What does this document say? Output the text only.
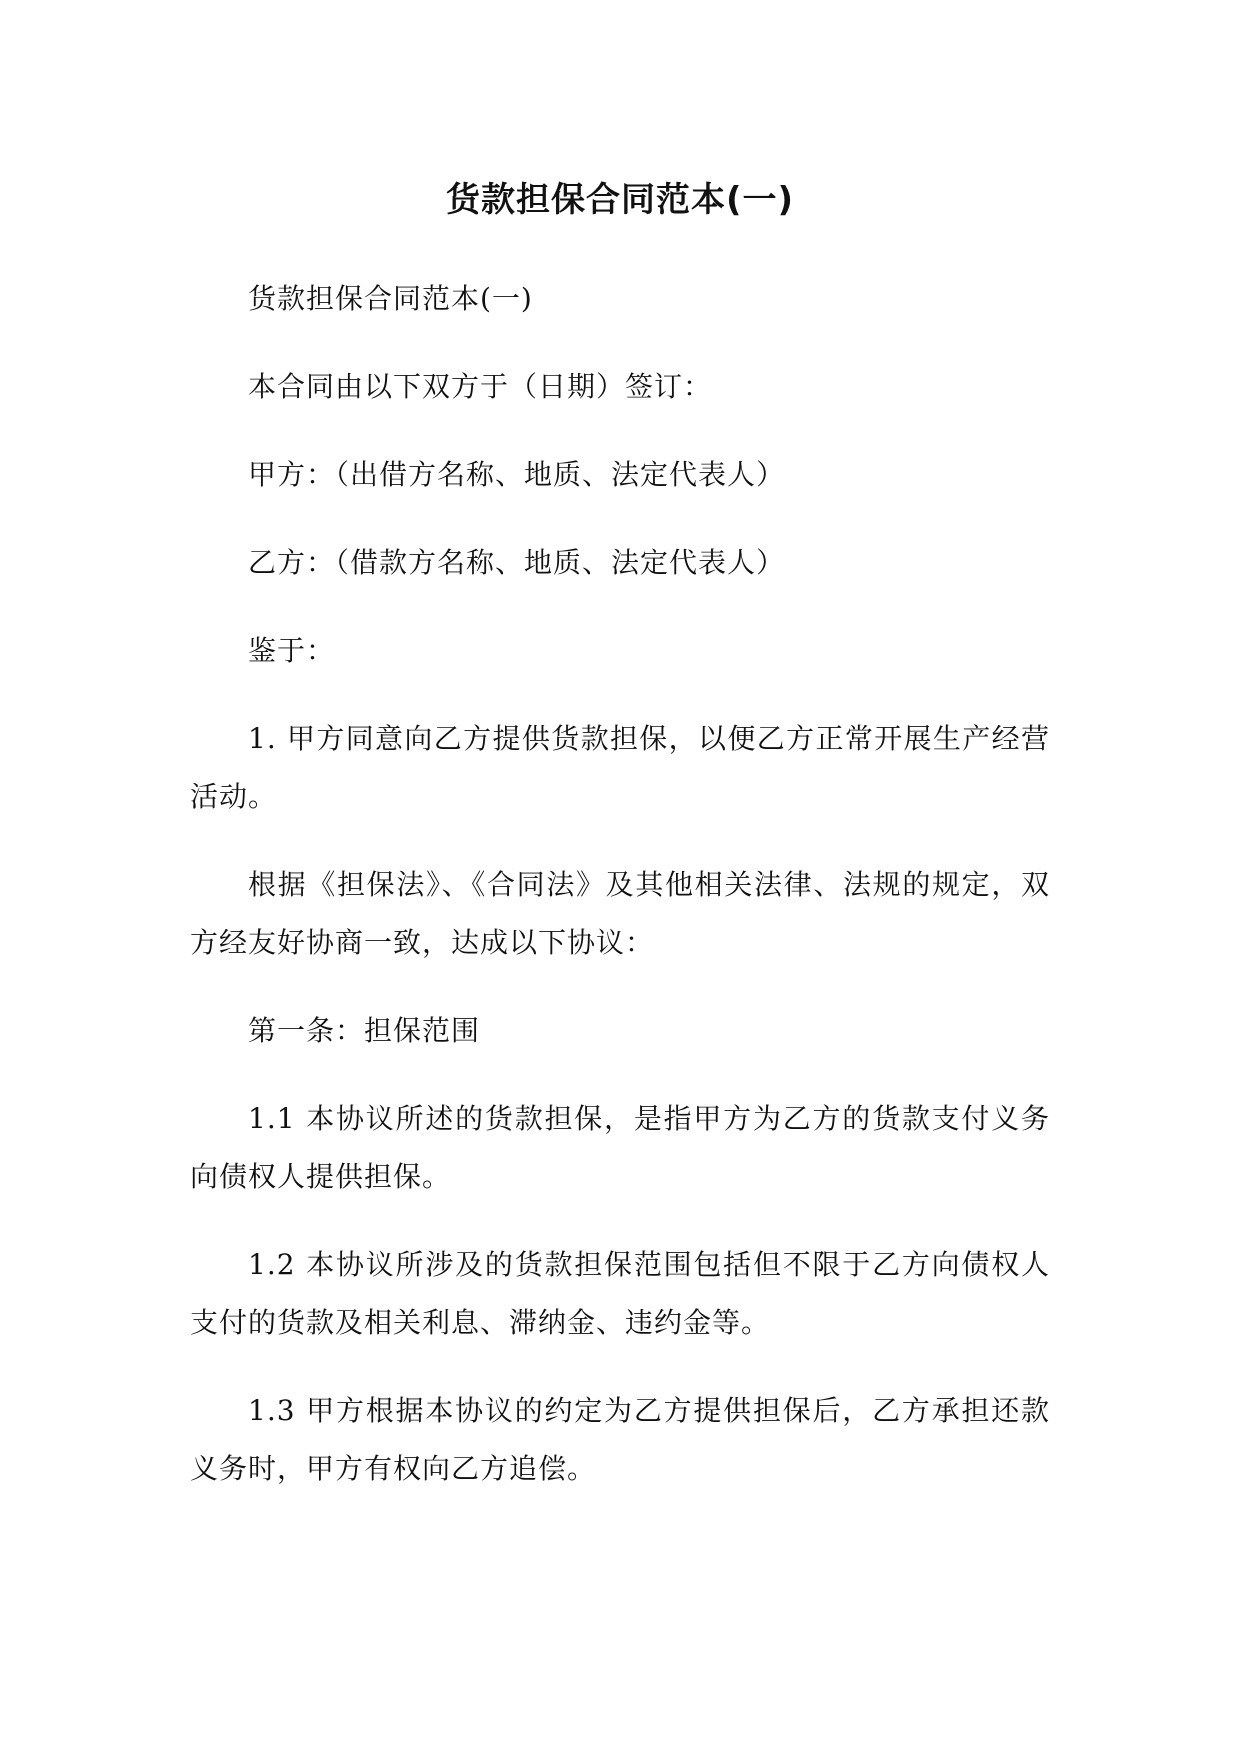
货款担保合同范本(一)

货款担保合同范本(一)

本合同由以下双方于（日期）签订：

甲方：（出借方名称、地质、法定代表人）

乙方：（借款方名称、地质、法定代表人）

鉴于：

1. 甲方同意向乙方提供货款担保，以便乙方正常开展生产经营活动。

根据《担保法》、《合同法》及其他相关法律、法规的规定，双方经友好协商一致，达成以下协议：

第一条：担保范围

1.1 本协议所述的货款担保，是指甲方为乙方的货款支付义务向债权人提供担保。

1.2 本协议所涉及的货款担保范围包括但不限于乙方向债权人支付的货款及相关利息、滞纳金、违约金等。

1.3 甲方根据本协议的约定为乙方提供担保后，乙方承担还款义务时，甲方有权向乙方追偿。
